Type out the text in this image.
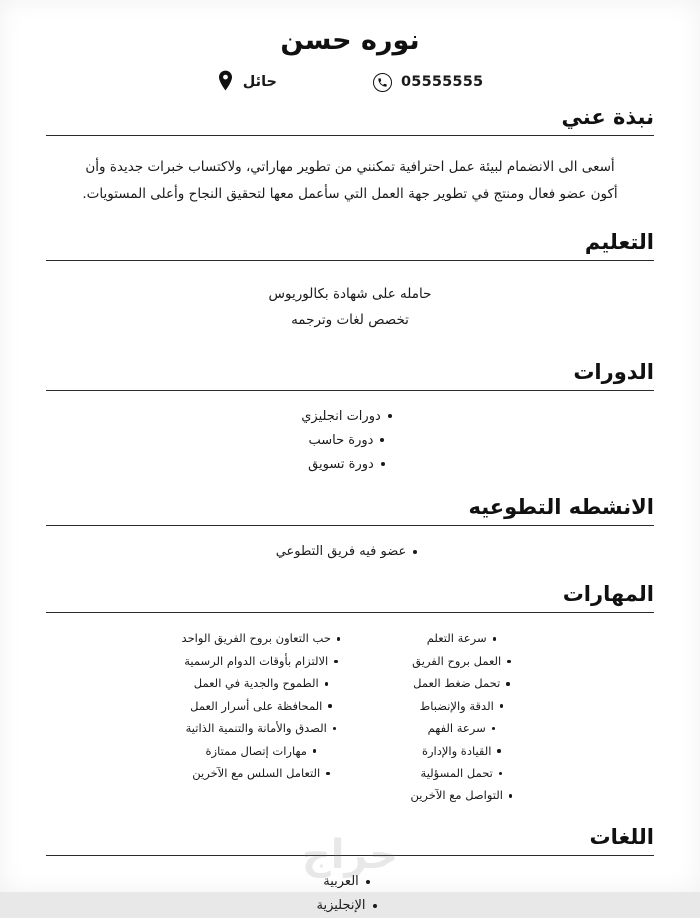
نوره حسن
05555555
حائل
نبذة عني

أسعى الى الانضمام لبيئة عمل احترافية تمكنني من تطوير مهاراتي، ولاكتساب خبرات جديدة وأن أكون عضو فعال ومنتج في تطوير جهة العمل التي سأعمل معها لتحقيق النجاح وأعلى المستويات.

التعليم
حامله على شهادة بكالوريوس
تخصص لغات وترجمه
الدورات
دورات انجليزي
دورة حاسب
دورة تسويق
الانشطه التطوعيه
عضو فيه فريق التطوعي
المهارات
سرعة التعلم
العمل بروح الفريق
تحمل ضغط العمل
الدقة والإنضباط
سرعة الفهم
القيادة والإدارة
تحمل المسؤلية
التواصل مع الآخرين
حب التعاون بروح الفريق الواحد
الالتزام بأوقات الدوام الرسمية
الطموح والجدية في العمل
المحافظة على أسرار العمل
الصدق والأمانة والتنمية الذاتية
مهارات إتصال ممتازة
التعامل السلس مع الآخرين
اللغات
العربية
الإنجليزية
حراج
